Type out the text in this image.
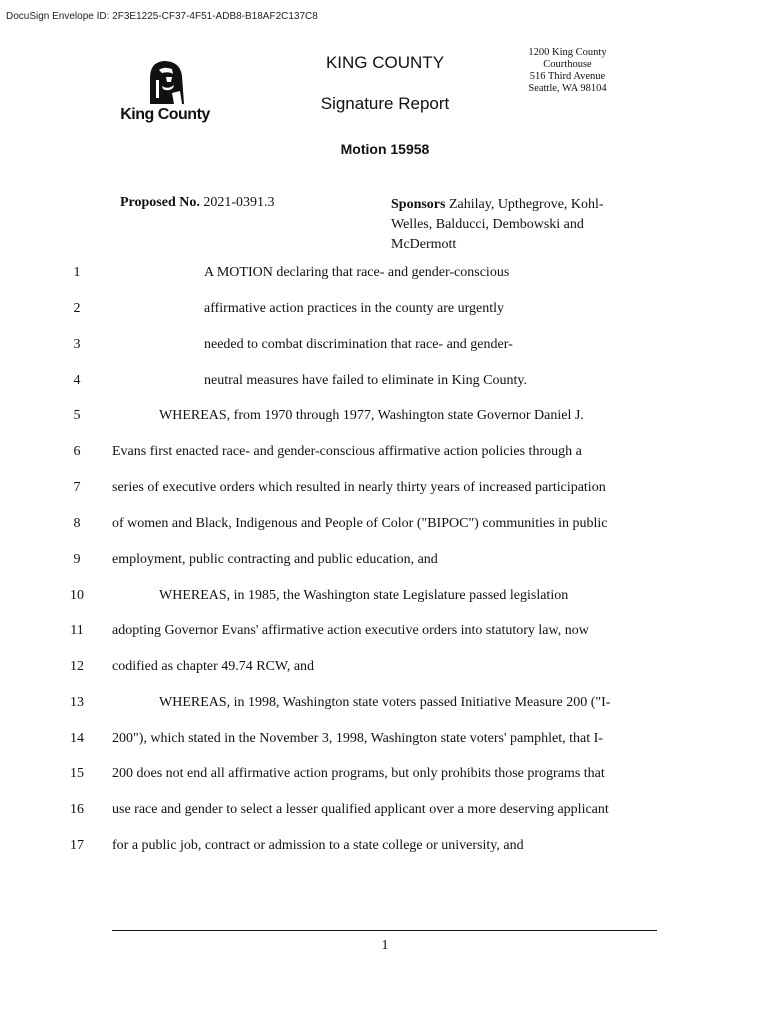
DocuSign Envelope ID: 2F3E1225-CF37-4F51-ADB8-B18AF2C137C8
King County
KING COUNTY
Signature Report
Motion 15958
1200 King County Courthouse
516 Third Avenue
Seattle, WA 98104
Proposed No. 2021-0391.3	Sponsors Zahilay, Upthegrove, Kohl-Welles, Balducci, Dembowski and McDermott
1	A MOTION declaring that race- and gender-conscious
2	affirmative action practices in the county are urgently
3	needed to combat discrimination that race- and gender-
4	neutral measures have failed to eliminate in King County.
5	WHEREAS, from 1970 through 1977, Washington state Governor Daniel J.
6	Evans first enacted race- and gender-conscious affirmative action policies through a
7	series of executive orders which resulted in nearly thirty years of increased participation
8	of women and Black, Indigenous and People of Color ("BIPOC") communities in public
9	employment, public contracting and public education, and
10	WHEREAS, in 1985, the Washington state Legislature passed legislation
11	adopting Governor Evans' affirmative action executive orders into statutory law, now
12	codified as chapter 49.74 RCW, and
13	WHEREAS, in 1998, Washington state voters passed Initiative Measure 200 ("I-
14	200"), which stated in the November 3, 1998, Washington state voters' pamphlet, that I-
15	200 does not end all affirmative action programs, but only prohibits those programs that
16	use race and gender to select a lesser qualified applicant over a more deserving applicant
17	for a public job, contract or admission to a state college or university, and
1
